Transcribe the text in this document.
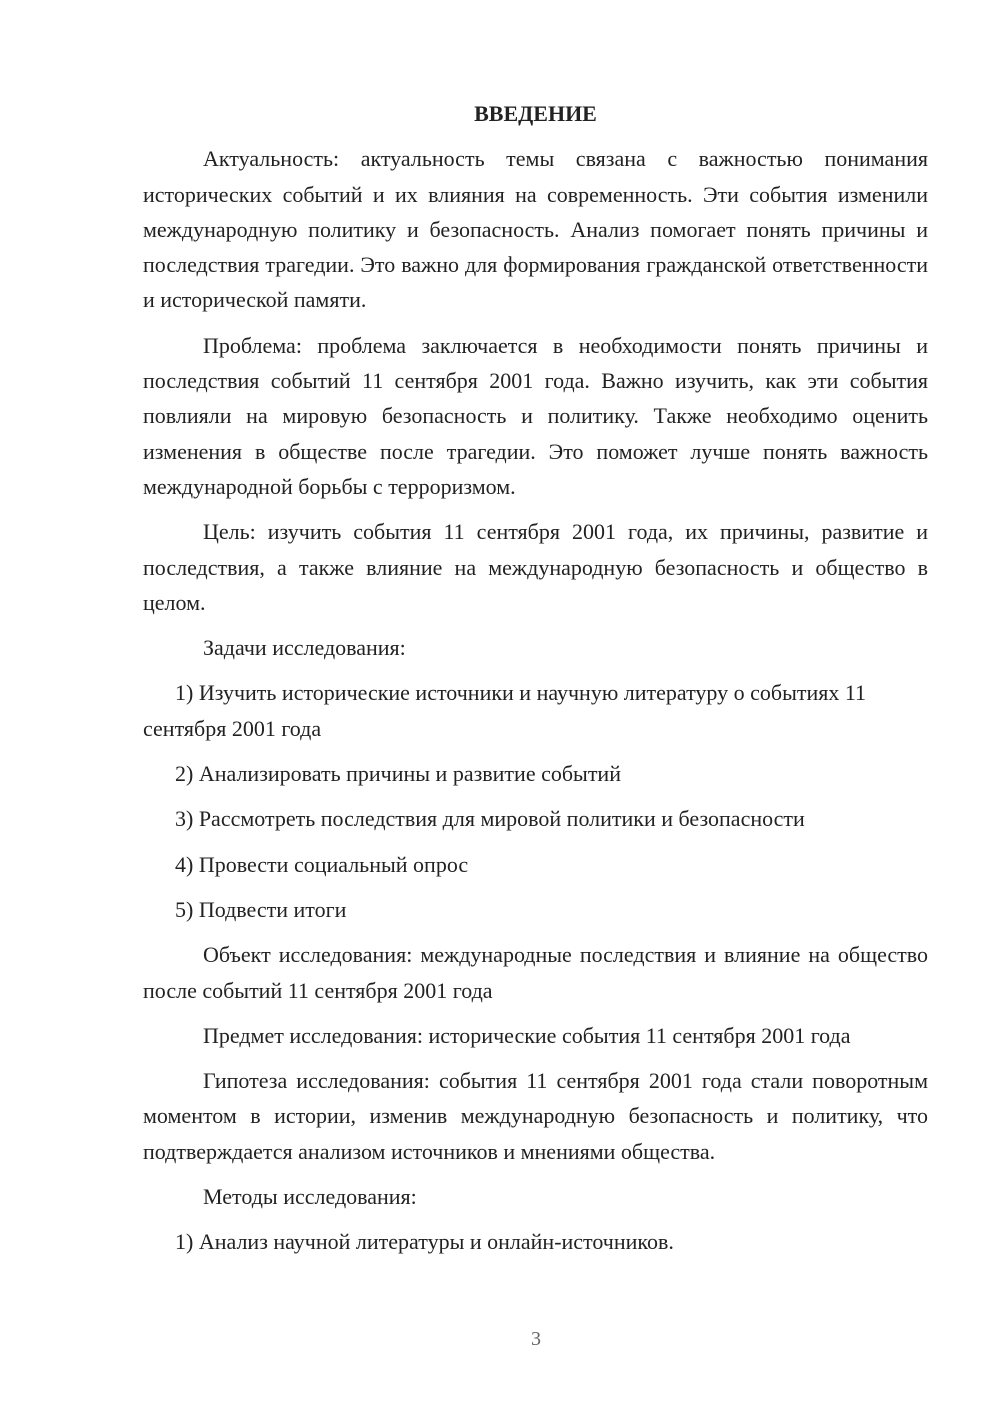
ВВЕДЕНИЕ

Актуальность: актуальность темы связана с важностью понимания исторических событий и их влияния на современность. Эти события изменили международную политику и безопасность. Анализ помогает понять причины и последствия трагедии. Это важно для формирования гражданской ответственности и исторической памяти.

Проблема: проблема заключается в необходимости понять причины и последствия событий 11 сентября 2001 года. Важно изучить, как эти события повлияли на мировую безопасность и политику. Также необходимо оценить изменения в обществе после трагедии. Это поможет лучше понять важность международной борьбы с терроризмом.

Цель: изучить события 11 сентября 2001 года, их причины, развитие и последствия, а также влияние на международную безопасность и общество в целом.

Задачи исследования:

1) Изучить исторические источники и научную литературу о событиях 11 сентября 2001 года

2) Анализировать причины и развитие событий

3) Рассмотреть последствия для мировой политики и безопасности

4) Провести социальный опрос

5) Подвести итоги

Объект исследования: международные последствия и влияние на общество после событий 11 сентября 2001 года

Предмет исследования: исторические события 11 сентября 2001 года

Гипотеза исследования: события 11 сентября 2001 года стали поворотным моментом в истории, изменив международную безопасность и политику, что подтверждается анализом источников и мнениями общества.

Методы исследования:

1) Анализ научной литературы и онлайн-источников.

3
